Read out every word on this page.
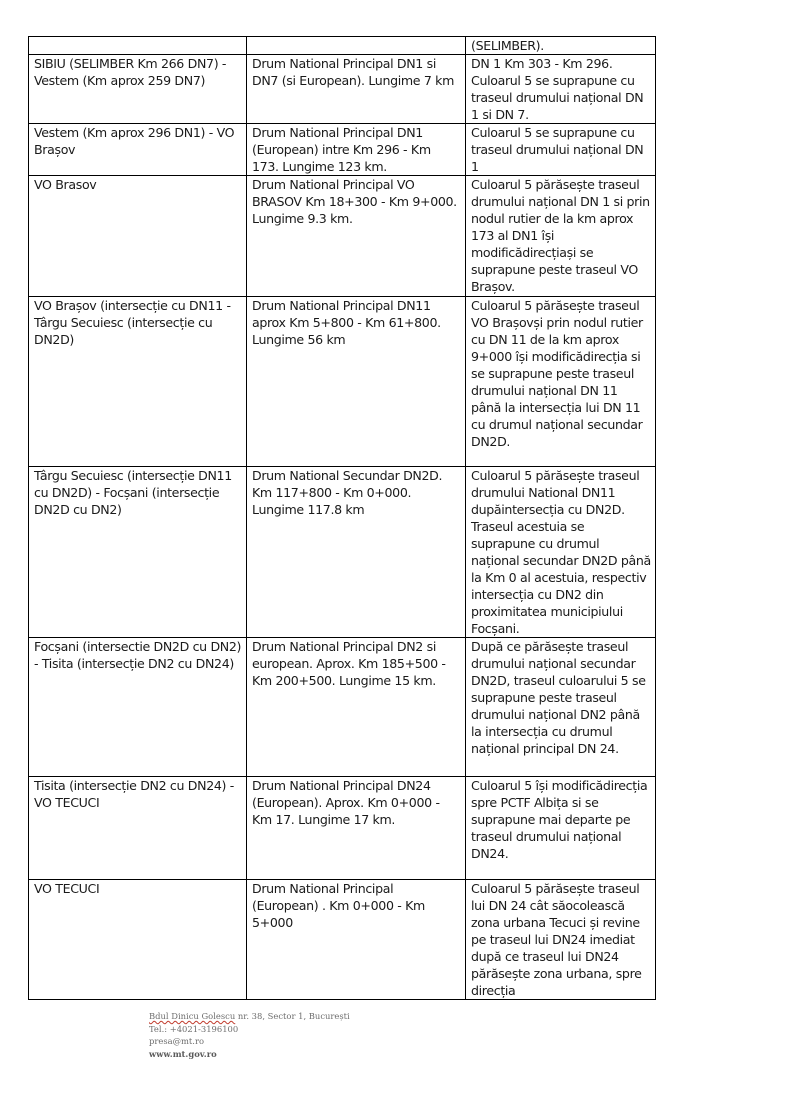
		(SELIMBER).

SIBIU (SELIMBER Km 266 DN7) - Vestem (Km aprox 259 DN7)	Drum National Principal DN1 si DN7 (si European). Lungime 7 km	DN 1 Km 303 - Km 296. Culoarul 5 se suprapune cu traseul drumului național DN 1 si DN 7.

Vestem (Km aprox 296 DN1) - VO Brașov	Drum National Principal DN1 (European) intre Km 296 - Km 173. Lungime 123 km.	Culoarul 5 se suprapune cu traseul drumului național DN 1

VO Brasov	Drum National Principal VO BRASOV Km 18+300 - Km 9+000. Lungime 9.3 km.	Culoarul 5 părăsește traseul drumului național DN 1 si prin nodul rutier de la km aprox 173 al DN1 își modificădirecțiași se suprapune peste traseul VO Brașov.

VO Brașov (intersecție cu DN11 - Târgu Secuiesc (intersecție cu DN2D)	Drum National Principal DN11 aprox Km 5+800 - Km 61+800. Lungime 56 km	Culoarul 5 părăsește traseul VO Brașovși prin nodul rutier cu DN 11 de la km aprox 9+000 își modificădirecția si se suprapune peste traseul drumului național DN 11 până la intersecția lui DN 11 cu drumul național secundar DN2D.

Târgu Secuiesc (intersecție DN11 cu DN2D) - Focșani (intersecție DN2D cu DN2)	Drum National Secundar DN2D. Km 117+800 - Km 0+000. Lungime 117.8 km	Culoarul 5 părăsește traseul drumului National DN11 dupăintersecția cu DN2D. Traseul acestuia se suprapune cu drumul național secundar DN2D până la Km 0 al acestuia, respectiv intersecția cu DN2 din proximitatea municipiului Focșani.

Focșani (intersectie DN2D cu DN2) - Tisita (intersecție DN2 cu DN24)	Drum National Principal DN2 si european. Aprox. Km 185+500 - Km 200+500. Lungime 15 km.	După ce părăsește traseul drumului național secundar DN2D, traseul culoarului 5 se suprapune peste traseul drumului național DN2 până la intersecția cu drumul național principal DN 24.

Tisita (intersecție DN2 cu DN24) - VO TECUCI	Drum National Principal DN24 (European). Aprox. Km 0+000 - Km 17. Lungime 17 km.	Culoarul 5 își modificădirecția spre PCTF Albița si se suprapune mai departe pe traseul drumului național DN24.

VO TECUCI	Drum National Principal (European) . Km 0+000 - Km 5+000	Culoarul 5 părăsește traseul lui DN 24 cât săocolească zona urbana Tecuci și revine pe traseul lui DN24 imediat după ce traseul lui DN24 părăsește zona urbana, spre direcția
Bdul Dinicu Golescu nr. 38, Sector 1, București
Tel.: +4021-3196100
presa@mt.ro
www.mt.gov.ro
